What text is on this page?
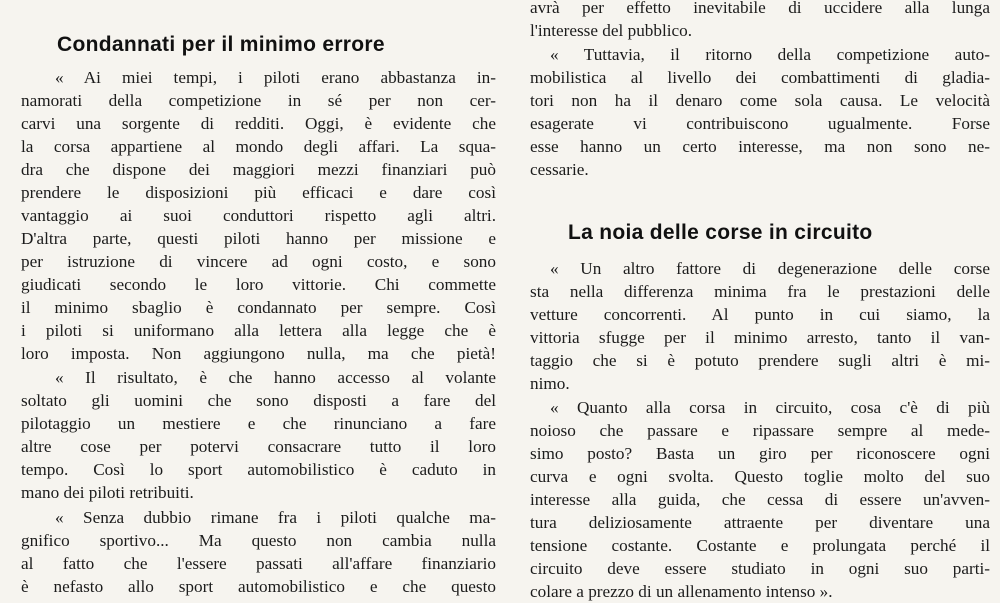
Condannati per il minimo errore

« Ai miei tempi, i piloti erano abbastanza in-

namorati della competizione in sé per non cer-

carvi una sorgente di redditi. Oggi, è evidente che

la corsa appartiene al mondo degli affari. La squa-

dra che dispone dei maggiori mezzi finanziari può

prendere le disposizioni più efficaci e dare così

vantaggio ai suoi conduttori rispetto agli altri.

D'altra parte, questi piloti hanno per missione e

per istruzione di vincere ad ogni costo, e sono

giudicati secondo le loro vittorie. Chi commette

il minimo sbaglio è condannato per sempre. Così

i piloti si uniformano alla lettera alla legge che è

loro imposta. Non aggiungono nulla, ma che pietà!

« Il risultato, è che hanno accesso al volante

soltato gli uomini che sono disposti a fare del

pilotaggio un mestiere e che rinunciano a fare

altre cose per potervi consacrare tutto il loro

tempo. Così lo sport automobilistico è caduto in

mano dei piloti retribuiti.

« Senza dubbio rimane fra i piloti qualche ma-

gnifico sportivo... Ma questo non cambia nulla

al fatto che l'essere passati all'affare finanziario

è nefasto allo sport automobilistico e che questo

avrà per effetto inevitabile di uccidere alla lunga

l'interesse del pubblico.

« Tuttavia, il ritorno della competizione auto-

mobilistica al livello dei combattimenti di gladia-

tori non ha il denaro come sola causa. Le velocità

esagerate vi contribuiscono ugualmente. Forse

esse hanno un certo interesse, ma non sono ne-

cessarie.

La noia delle corse in circuito

« Un altro fattore di degenerazione delle corse

sta nella differenza minima fra le prestazioni delle

vetture concorrenti. Al punto in cui siamo, la

vittoria sfugge per il minimo arresto, tanto il van-

taggio che si è potuto prendere sugli altri è mi-

nimo.

« Quanto alla corsa in circuito, cosa c'è di più

noioso che passare e ripassare sempre al mede-

simo posto? Basta un giro per riconoscere ogni

curva e ogni svolta. Questo toglie molto del suo

interesse alla guida, che cessa di essere un'avven-

tura deliziosamente attraente per diventare una

tensione costante. Costante e prolungata perché il

circuito deve essere studiato in ogni suo parti-

colare a prezzo di un allenamento intenso ».
